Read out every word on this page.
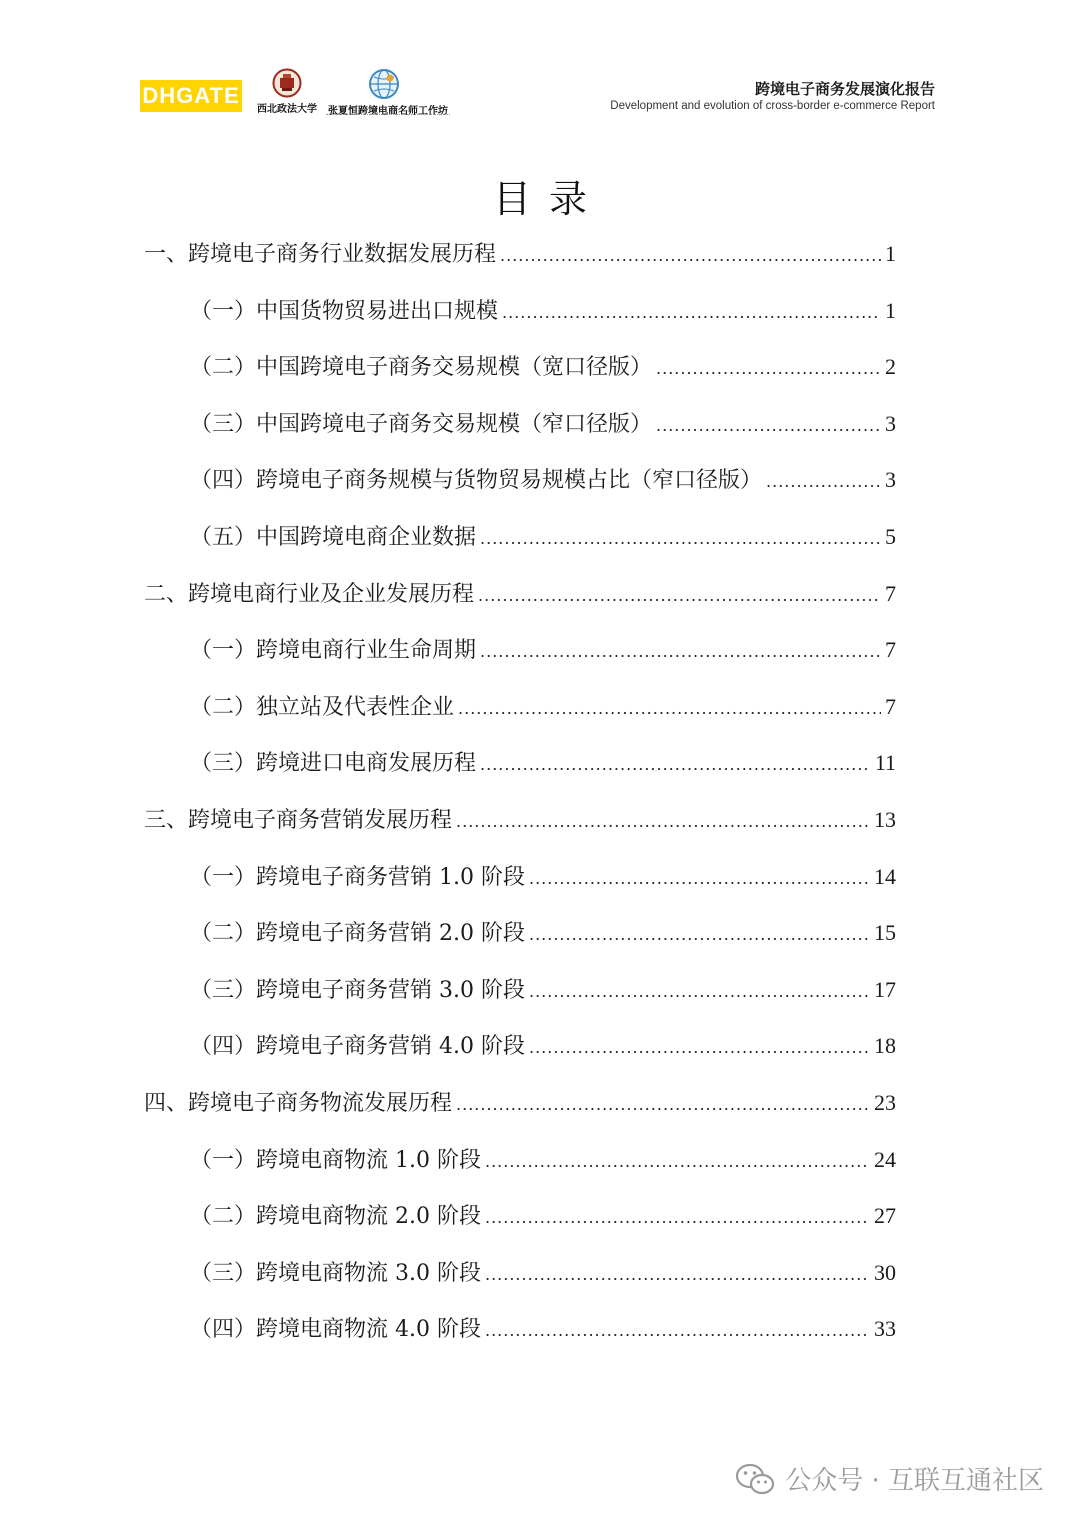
DHGATE
西北政法大学	张夏恒跨境电商名师工作坊
跨境电子商务发展演化报告
Development and evolution of cross-border e-commerce Report
目录
一、跨境电子商务行业数据发展历程 .....	1
（一）中国货物贸易进出口规模 .....	1
（二）中国跨境电子商务交易规模（宽口径版） .....	2
（三）中国跨境电子商务交易规模（窄口径版） .....	3
（四）跨境电子商务规模与货物贸易规模占比（窄口径版） .....	3
（五）中国跨境电商企业数据 .....	5
二、跨境电商行业及企业发展历程 .....	7
（一）跨境电商行业生命周期 .....	7
（二）独立站及代表性企业 .....	7
（三）跨境进口电商发展历程 .....	11
三、跨境电子商务营销发展历程 .....	13
（一）跨境电子商务营销 1.0 阶段 .....	14
（二）跨境电子商务营销 2.0 阶段 .....	15
（三）跨境电子商务营销 3.0 阶段 .....	17
（四）跨境电子商务营销 4.0 阶段 .....	18
四、跨境电子商务物流发展历程 .....	23
（一）跨境电商物流 1.0 阶段 .....	24
（二）跨境电商物流 2.0 阶段 .....	27
（三）跨境电商物流 3.0 阶段 .....	30
（四）跨境电商物流 4.0 阶段 .....	33
公众号 · 互联互通社区
